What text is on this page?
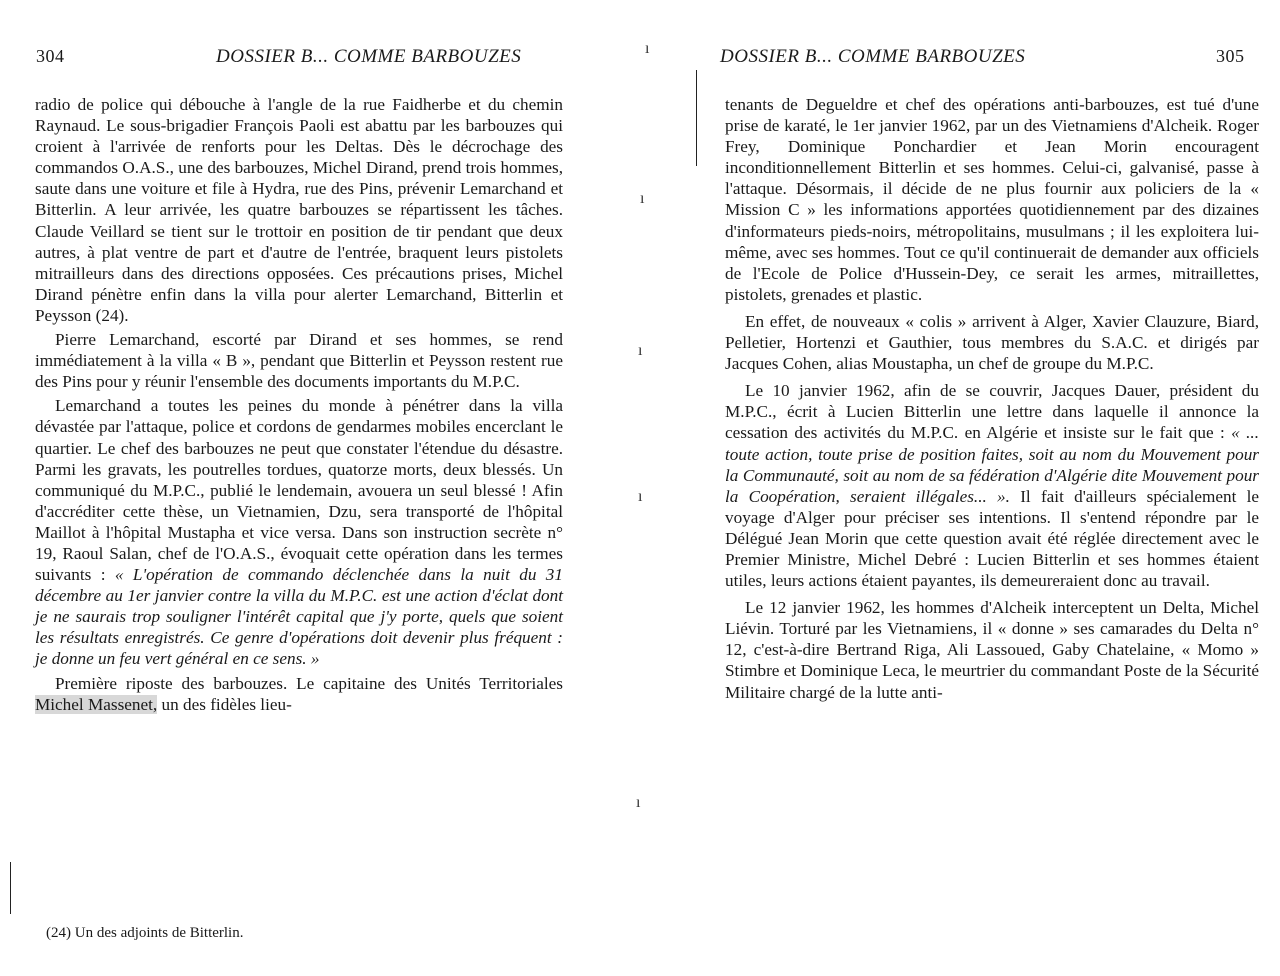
304	DOSSIER B... COMME BARBOUZES

radio de police qui débouche à l'angle de la rue Faidherbe et du chemin Raynaud. Le sous-brigadier François Paoli est abattu par les barbouzes qui croient à l'arrivée de renforts pour les Deltas. Dès le décrochage des commandos O.A.S., une des barbouzes, Michel Dirand, prend trois hommes, saute dans une voiture et file à Hydra, rue des Pins, prévenir Lemarchand et Bitterlin. A leur arrivée, les quatre barbouzes se répartissent les tâches. Claude Veillard se tient sur le trottoir en position de tir pendant que deux autres, à plat ventre de part et d'autre de l'entrée, braquent leurs pistolets mitrailleurs dans des directions opposées. Ces précautions prises, Michel Dirand pénètre enfin dans la villa pour alerter Lemarchand, Bitterlin et Peysson (24).

Pierre Lemarchand, escorté par Dirand et ses hommes, se rend immédiatement à la villa « B », pendant que Bitterlin et Peysson restent rue des Pins pour y réunir l'ensemble des documents importants du M.P.C.

Lemarchand a toutes les peines du monde à pénétrer dans la villa dévastée par l'attaque, police et cordons de gendarmes mobiles encerclant le quartier. Le chef des barbouzes ne peut que constater l'étendue du désastre. Parmi les gravats, les poutrelles tordues, quatorze morts, deux blessés. Un communiqué du M.P.C., publié le lendemain, avouera un seul blessé ! Afin d'accréditer cette thèse, un Vietnamien, Dzu, sera transporté de l'hôpital Maillot à l'hôpital Mustapha et vice versa. Dans son instruction secrète n° 19, Raoul Salan, chef de l'O.A.S., évoquait cette opération dans les termes suivants : « L'opération de commando déclenchée dans la nuit du 31 décembre au 1er janvier contre la villa du M.P.C. est une action d'éclat dont je ne saurais trop souligner l'intérêt capital que j'y porte, quels que soient les résultats enregistrés. Ce genre d'opérations doit devenir plus fréquent : je donne un feu vert général en ce sens. »

Première riposte des barbouzes. Le capitaine des Unités Territoriales Michel Massenet, un des fidèles lieu-

(24) Un des adjoints de Bitterlin.
ı
ı
ı
ı
ı
DOSSIER B... COMME BARBOUZES	305

tenants de Degueldre et chef des opérations anti-barbouzes, est tué d'une prise de karaté, le 1er janvier 1962, par un des Vietnamiens d'Alcheik. Roger Frey, Dominique Ponchardier et Jean Morin encouragent inconditionnellement Bitterlin et ses hommes. Celui-ci, galvanisé, passe à l'attaque. Désormais, il décide de ne plus fournir aux policiers de la « Mission C » les informations apportées quotidiennement par des dizaines d'informateurs pieds-noirs, métropolitains, musulmans ; il les exploitera lui-même, avec ses hommes. Tout ce qu'il continuerait de demander aux officiels de l'Ecole de Police d'Hussein-Dey, ce serait les armes, mitraillettes, pistolets, grenades et plastic.

En effet, de nouveaux « colis » arrivent à Alger, Xavier Clauzure, Biard, Pelletier, Hortenzi et Gauthier, tous membres du S.A.C. et dirigés par Jacques Cohen, alias Moustapha, un chef de groupe du M.P.C.

Le 10 janvier 1962, afin de se couvrir, Jacques Dauer, président du M.P.C., écrit à Lucien Bitterlin une lettre dans laquelle il annonce la cessation des activités du M.P.C. en Algérie et insiste sur le fait que : « ... toute action, toute prise de position faites, soit au nom du Mouvement pour la Communauté, soit au nom de sa fédération d'Algérie dite Mouvement pour la Coopération, seraient illégales... ». Il fait d'ailleurs spécialement le voyage d'Alger pour préciser ses intentions. Il s'entend répondre par le Délégué Jean Morin que cette question avait été réglée directement avec le Premier Ministre, Michel Debré : Lucien Bitterlin et ses hommes étaient utiles, leurs actions étaient payantes, ils demeureraient donc au travail.

Le 12 janvier 1962, les hommes d'Alcheik interceptent un Delta, Michel Liévin. Torturé par les Vietnamiens, il « donne » ses camarades du Delta n° 12, c'est-à-dire Bertrand Riga, Ali Lassoued, Gaby Chatelaine, « Momo » Stimbre et Dominique Leca, le meurtrier du commandant Poste de la Sécurité Militaire chargé de la lutte anti-
